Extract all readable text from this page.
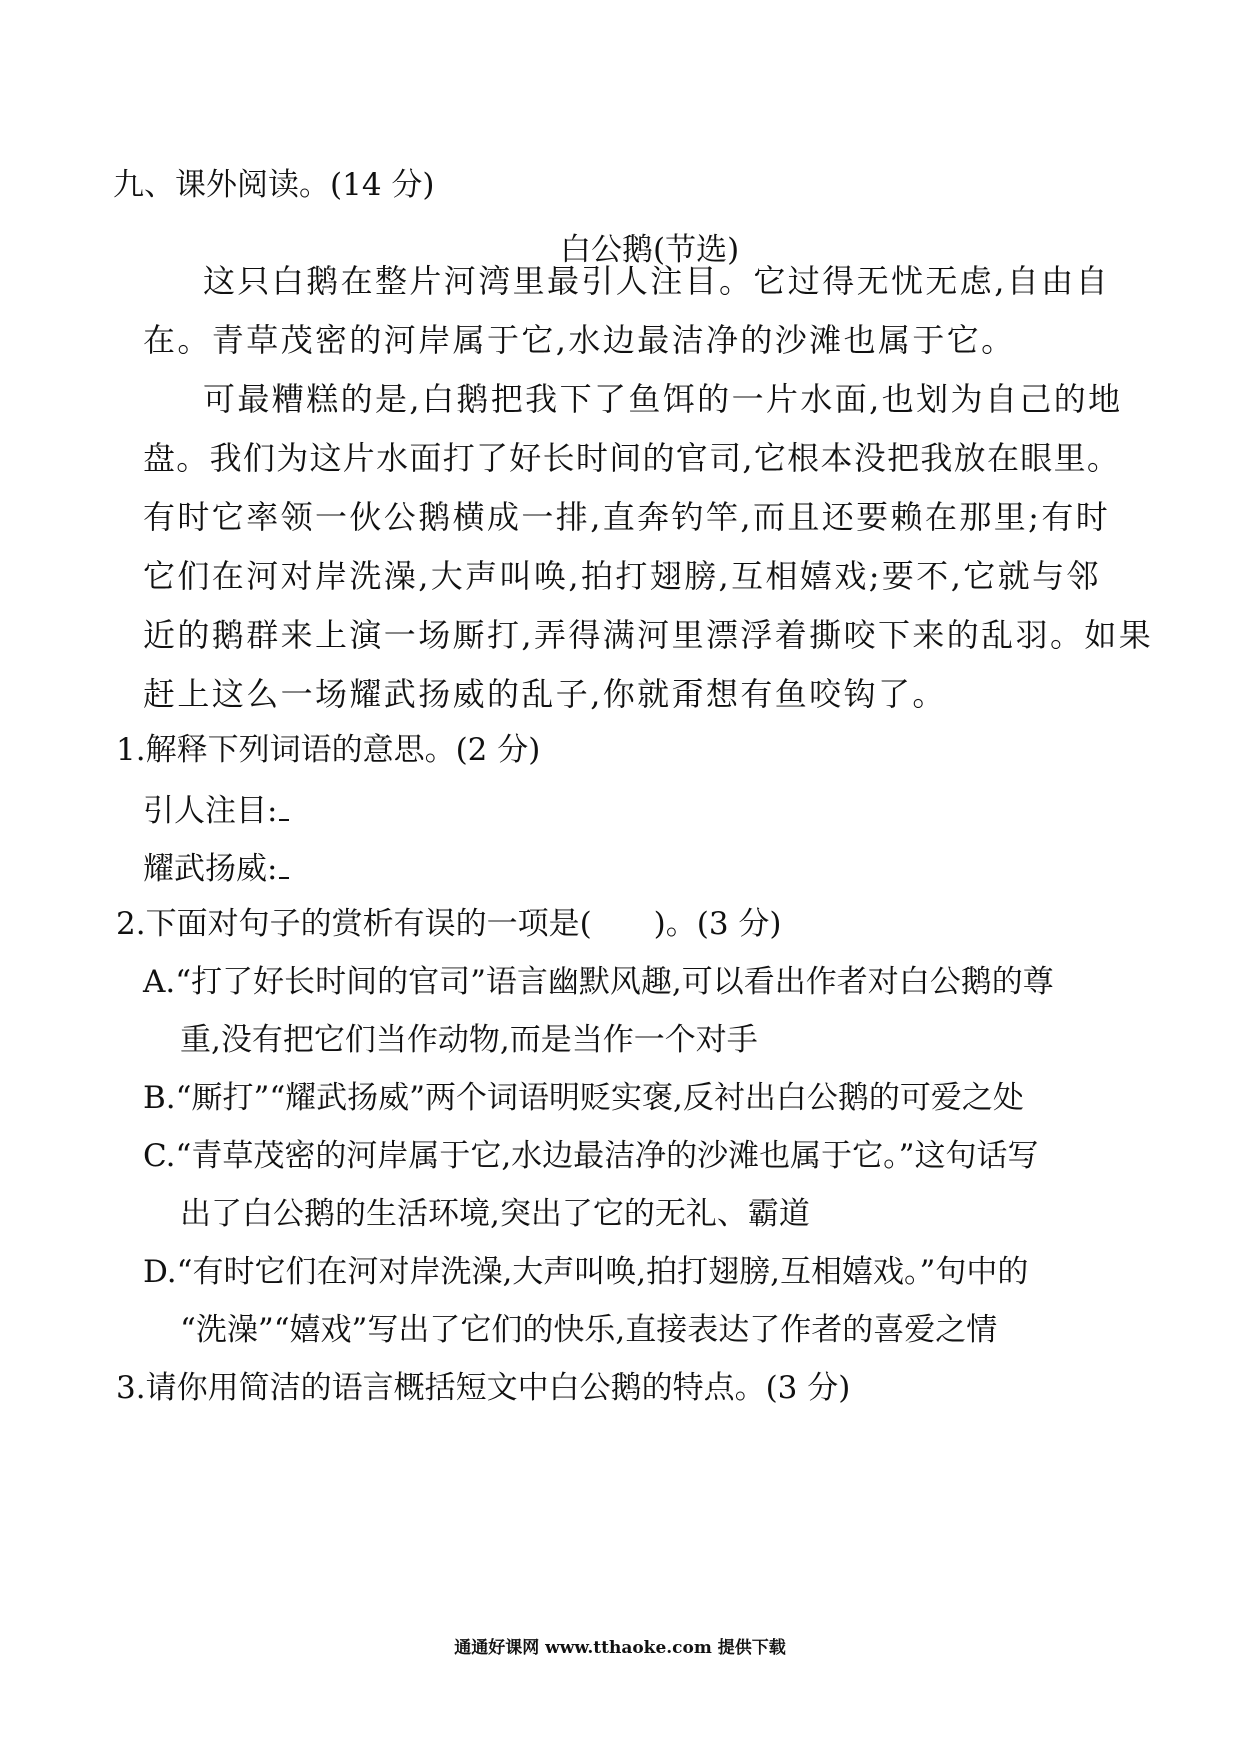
九、课外阅读。(14 分)
白公鹅(节选)
这只白鹅在整片河湾里最引人注目。它过得无忧无虑,自由自
在。青草茂密的河岸属于它,水边最洁净的沙滩也属于它。
可最糟糕的是,白鹅把我下了鱼饵的一片水面,也划为自己的地
盘。我们为这片水面打了好长时间的官司,它根本没把我放在眼里。
有时它率领一伙公鹅横成一排,直奔钓竿,而且还要赖在那里;有时
它们在河对岸洗澡,大声叫唤,拍打翅膀,互相嬉戏;要不,它就与邻
近的鹅群来上演一场厮打,弄得满河里漂浮着撕咬下来的乱羽。如果
赶上这么一场耀武扬威的乱子,你就甭想有鱼咬钩了。
1.解释下列词语的意思。(2 分)
引人注目:
耀武扬威:
2.下面对句子的赏析有误的一项是(　　)。(3 分)
A.“打了好长时间的官司”语言幽默风趣,可以看出作者对白公鹅的尊
重,没有把它们当作动物,而是当作一个对手
B.“厮打”“耀武扬威”两个词语明贬实褒,反衬出白公鹅的可爱之处
C.“青草茂密的河岸属于它,水边最洁净的沙滩也属于它。”这句话写
出了白公鹅的生活环境,突出了它的无礼、霸道
D.“有时它们在河对岸洗澡,大声叫唤,拍打翅膀,互相嬉戏。”句中的
“洗澡”“嬉戏”写出了它们的快乐,直接表达了作者的喜爱之情
3.请你用简洁的语言概括短文中白公鹅的特点。(3 分)
通通好课网 www.tthaoke.com 提供下载
